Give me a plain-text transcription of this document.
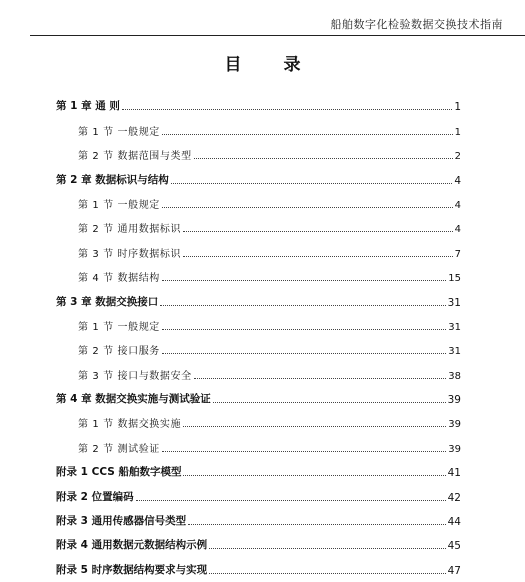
船舶数字化检验数据交换技术指南
目 录
第 1 章 通 则	1
第 1 节 一般规定	1
第 2 节 数据范围与类型	2
第 2 章 数据标识与结构	4
第 1 节 一般规定	4
第 2 节 通用数据标识	4
第 3 节 时序数据标识	7
第 4 节 数据结构	15
第 3 章 数据交换接口	31
第 1 节 一般规定	31
第 2 节 接口服务	31
第 3 节 接口与数据安全	38
第 4 章 数据交换实施与测试验证	39
第 1 节 数据交换实施	39
第 2 节 测试验证	39
附录 1 CCS 船舶数字模型	41
附录 2 位置编码	42
附录 3 通用传感器信号类型	44
附录 4 通用数据元数据结构示例	45
附录 5 时序数据结构要求与实现	47
